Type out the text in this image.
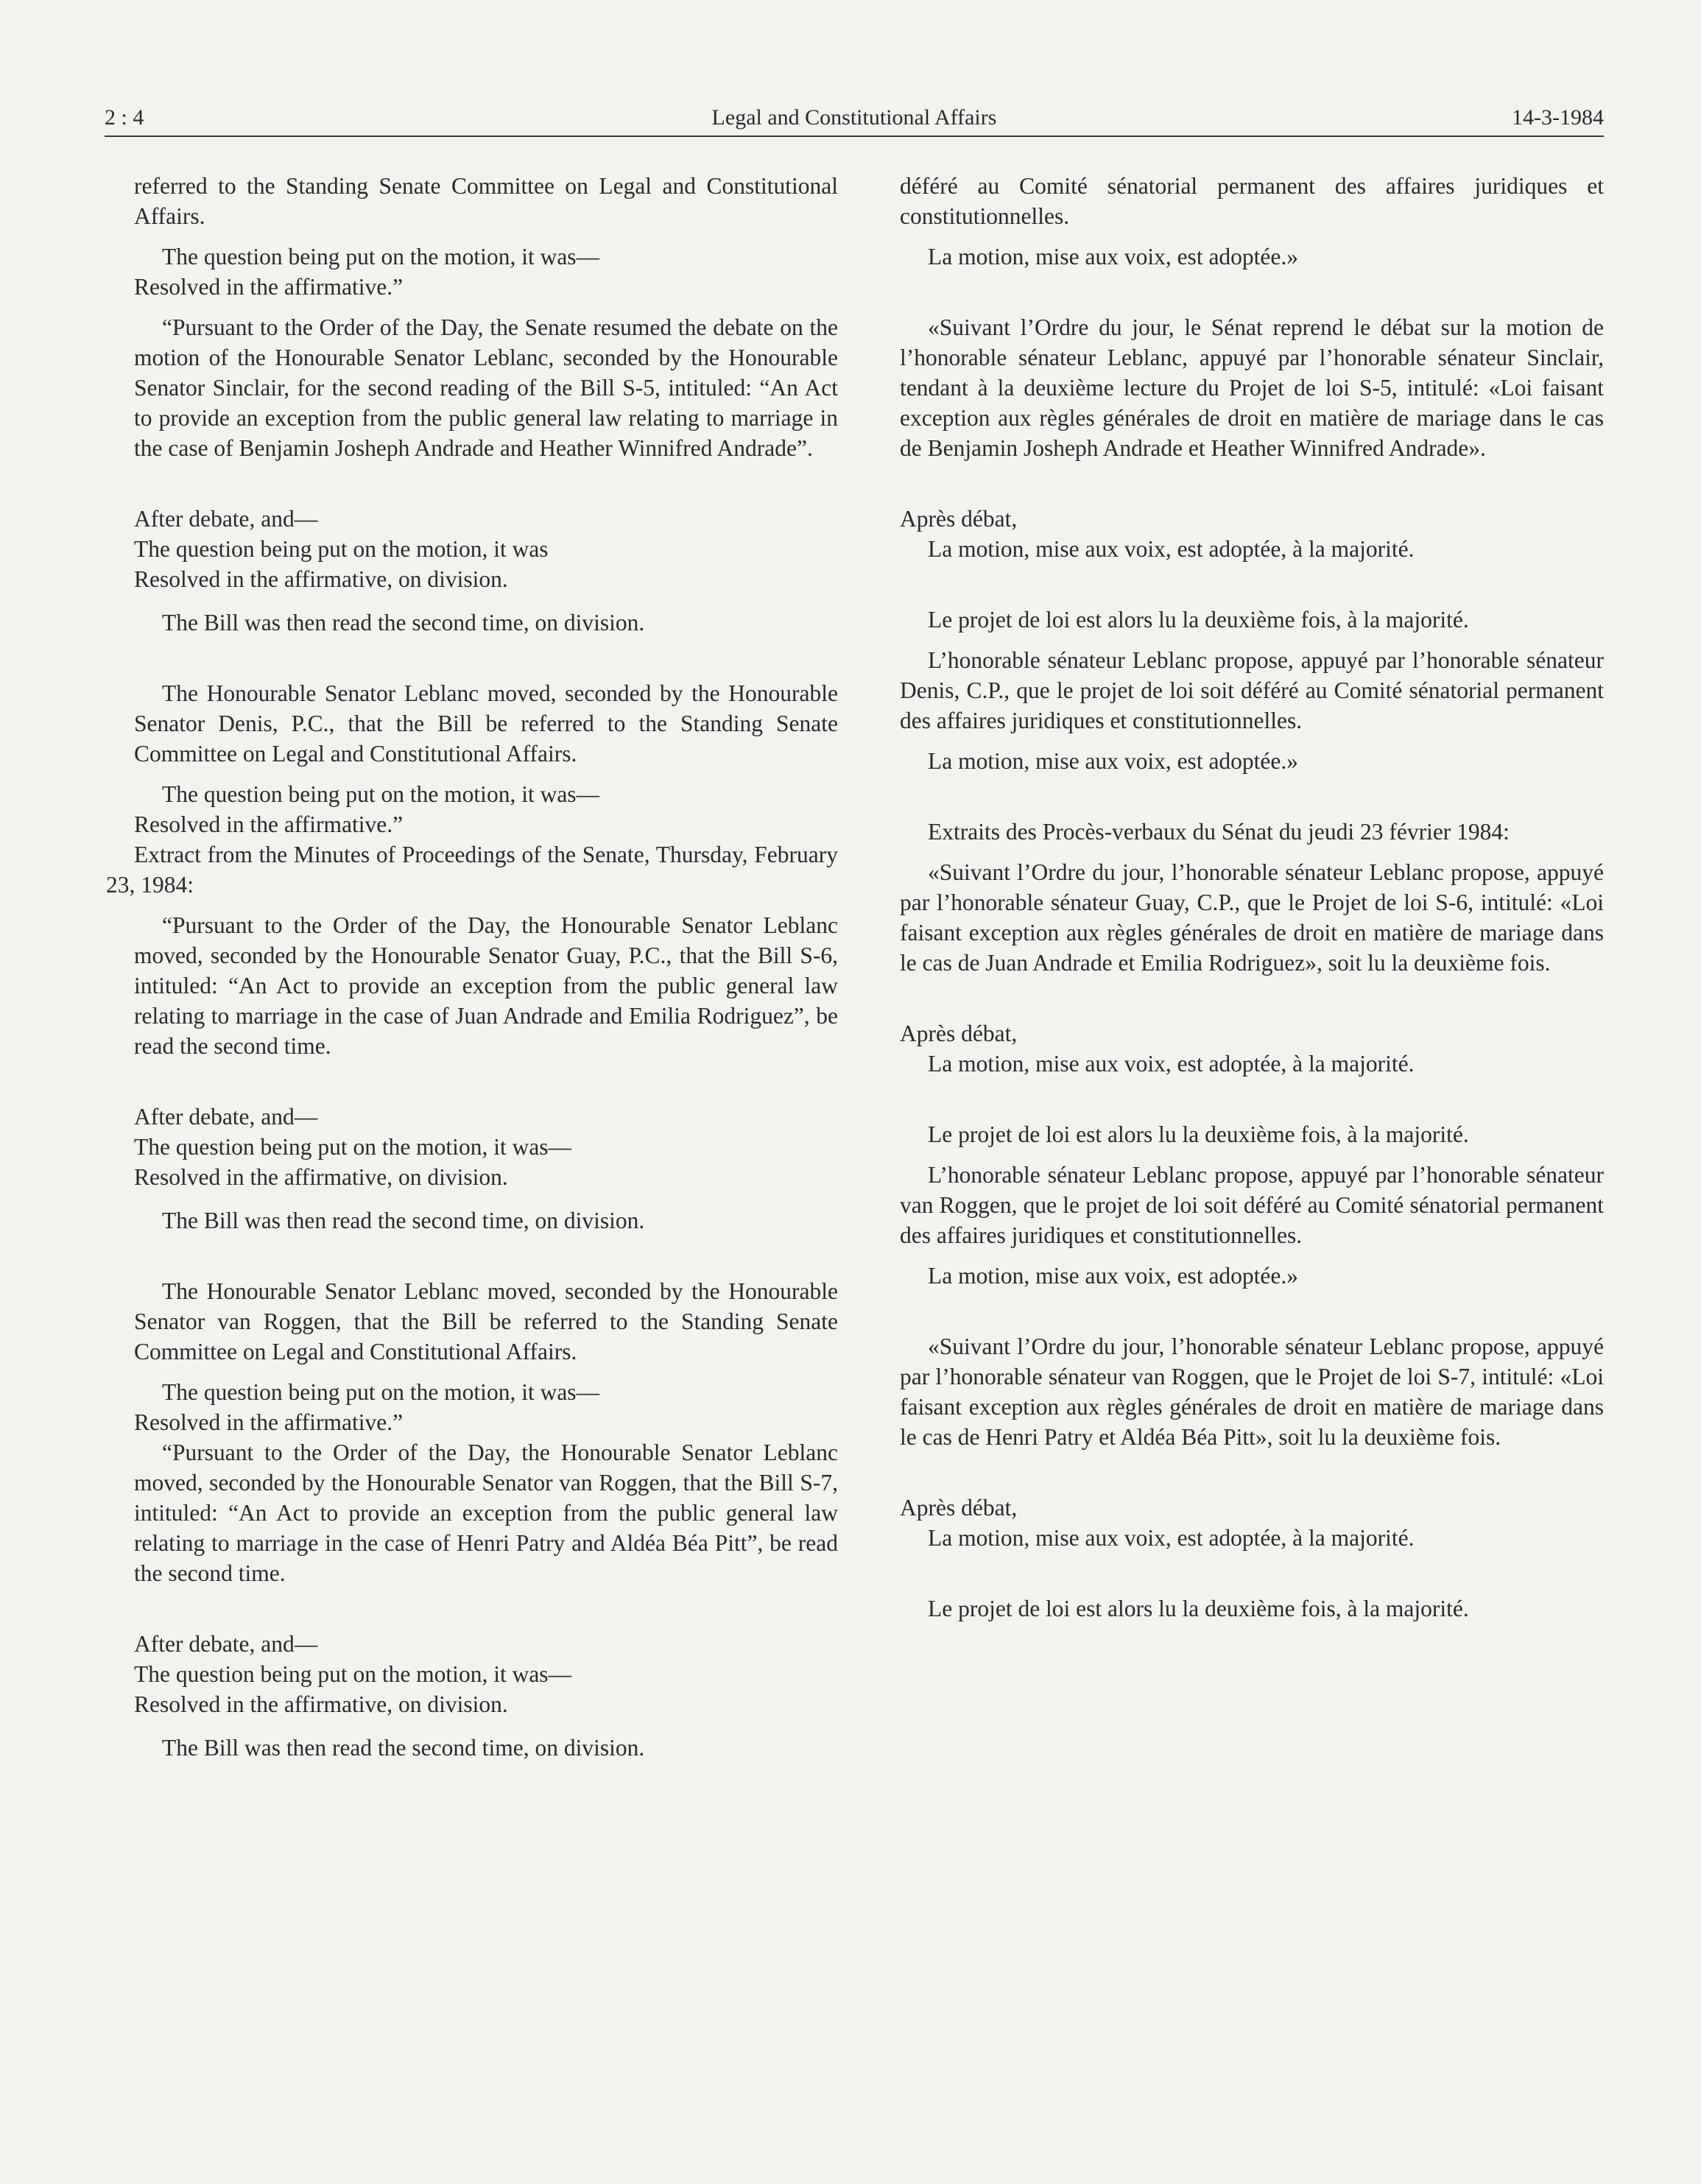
2 : 4	Legal and Constitutional Affairs	14-3-1984

referred to the Standing Senate Committee on Legal and Constitutional Affairs.

The question being put on the motion, it was—

Resolved in the affirmative.”

“Pursuant to the Order of the Day, the Senate resumed the debate on the motion of the Honourable Senator Leblanc, seconded by the Honourable Senator Sinclair, for the second reading of the Bill S-5, intituled: “An Act to provide an exception from the public general law relating to marriage in the case of Benjamin Josheph Andrade and Heather Winnifred Andrade”.

After debate, and—

The question being put on the motion, it was

Resolved in the affirmative, on division.

The Bill was then read the second time, on division.

The Honourable Senator Leblanc moved, seconded by the Honourable Senator Denis, P.C., that the Bill be referred to the Standing Senate Committee on Legal and Constitutional Affairs.

The question being put on the motion, it was—

Resolved in the affirmative.”

Extract from the Minutes of Proceedings of the Senate, Thursday, February 23, 1984:

“Pursuant to the Order of the Day, the Honourable Senator Leblanc moved, seconded by the Honourable Senator Guay, P.C., that the Bill S-6, intituled: “An Act to provide an exception from the public general law relating to marriage in the case of Juan Andrade and Emilia Rodriguez”, be read the second time.

After debate, and—

The question being put on the motion, it was—

Resolved in the affirmative, on division.

The Bill was then read the second time, on division.

The Honourable Senator Leblanc moved, seconded by the Honourable Senator van Roggen, that the Bill be referred to the Standing Senate Committee on Legal and Constitutional Affairs.

The question being put on the motion, it was—

Resolved in the affirmative.”

“Pursuant to the Order of the Day, the Honourable Senator Leblanc moved, seconded by the Honourable Senator van Roggen, that the Bill S-7, intituled: “An Act to provide an exception from the public general law relating to marriage in the case of Henri Patry and Aldéa Béa Pitt”, be read the second time.

After debate, and—

The question being put on the motion, it was—

Resolved in the affirmative, on division.

The Bill was then read the second time, on division.

déféré au Comité sénatorial permanent des affaires juridiques et constitutionnelles.

La motion, mise aux voix, est adoptée.»

«Suivant l’Ordre du jour, le Sénat reprend le débat sur la motion de l’honorable sénateur Leblanc, appuyé par l’honorable sénateur Sinclair, tendant à la deuxième lecture du Projet de loi S-5, intitulé: «Loi faisant exception aux règles générales de droit en matière de mariage dans le cas de Benjamin Josheph Andrade et Heather Winnifred Andrade».

Après débat,

La motion, mise aux voix, est adoptée, à la majorité.

Le projet de loi est alors lu la deuxième fois, à la majorité.

L’honorable sénateur Leblanc propose, appuyé par l’honorable sénateur Denis, C.P., que le projet de loi soit déféré au Comité sénatorial permanent des affaires juridiques et constitutionnelles.

La motion, mise aux voix, est adoptée.»

Extraits des Procès-verbaux du Sénat du jeudi 23 février 1984:

«Suivant l’Ordre du jour, l’honorable sénateur Leblanc propose, appuyé par l’honorable sénateur Guay, C.P., que le Projet de loi S-6, intitulé: «Loi faisant exception aux règles générales de droit en matière de mariage dans le cas de Juan Andrade et Emilia Rodriguez», soit lu la deuxième fois.

Après débat,

La motion, mise aux voix, est adoptée, à la majorité.

Le projet de loi est alors lu la deuxième fois, à la majorité.

L’honorable sénateur Leblanc propose, appuyé par l’honorable sénateur van Roggen, que le projet de loi soit déféré au Comité sénatorial permanent des affaires juridiques et constitutionnelles.

La motion, mise aux voix, est adoptée.»

«Suivant l’Ordre du jour, l’honorable sénateur Leblanc propose, appuyé par l’honorable sénateur van Roggen, que le Projet de loi S-7, intitulé: «Loi faisant exception aux règles générales de droit en matière de mariage dans le cas de Henri Patry et Aldéa Béa Pitt», soit lu la deuxième fois.

Après débat,

La motion, mise aux voix, est adoptée, à la majorité.

Le projet de loi est alors lu la deuxième fois, à la majorité.
